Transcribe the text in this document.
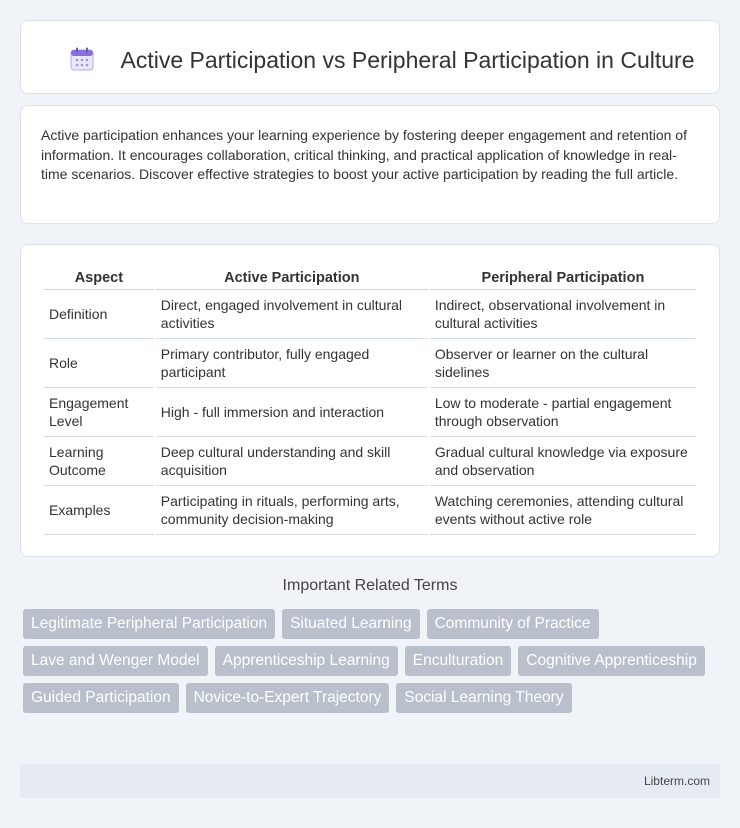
Active Participation vs Peripheral Participation in Culture

Active participation enhances your learning experience by fostering deeper engagement and retention of information. It encourages collaboration, critical thinking, and practical application of knowledge in real-time scenarios. Discover effective strategies to boost your active participation by reading the full article.

Aspect	Active Participation	Peripheral Participation
Definition	Direct, engaged involvement in cultural activities	Indirect, observational involvement in cultural activities
Role	Primary contributor, fully engaged participant	Observer or learner on the cultural sidelines
Engagement Level	High - full immersion and interaction	Low to moderate - partial engagement through observation
Learning Outcome	Deep cultural understanding and skill acquisition	Gradual cultural knowledge via exposure and observation
Examples	Participating in rituals, performing arts, community decision-making	Watching ceremonies, attending cultural events without active role
Important Related Terms
Legitimate Peripheral Participation	Situated Learning	Community of Practice
Lave and Wenger Model	Apprenticeship Learning	Enculturation	Cognitive Apprenticeship
Guided Participation	Novice-to-Expert Trajectory	Social Learning Theory
Libterm.com
